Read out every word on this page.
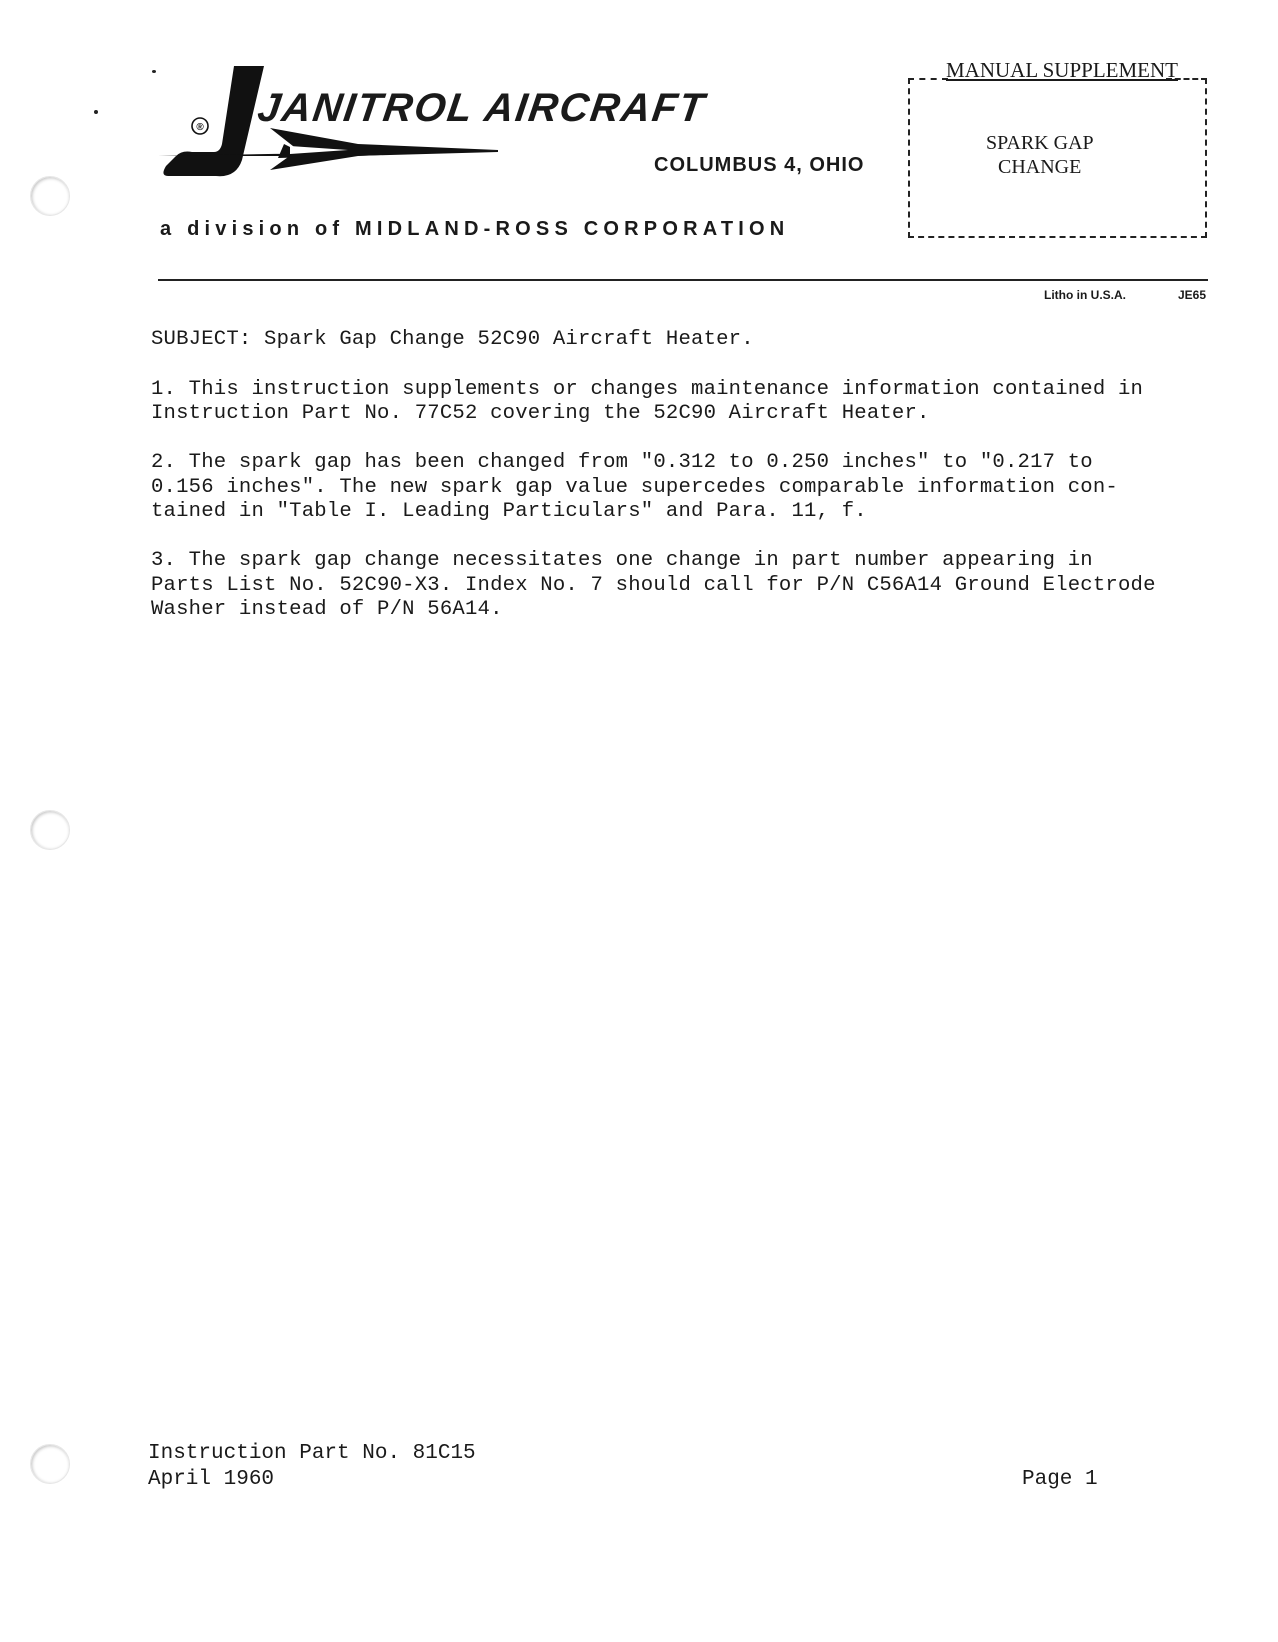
® JANITROL AIRCRAFT
COLUMBUS 4, OHIO
a division of MIDLAND-ROSS CORPORATION
MANUAL SUPPLEMENT
SPARK GAP
CHANGE
Litho in U.S.A.	JE65
SUBJECT: Spark Gap Change 52C90 Aircraft Heater.
1. This instruction supplements or changes maintenance information contained in
Instruction Part No. 77C52 covering the 52C90 Aircraft Heater.
2. The spark gap has been changed from "0.312 to 0.250 inches" to "0.217 to
0.156 inches". The new spark gap value supercedes comparable information con-
tained in "Table I. Leading Particulars" and Para. 11, f.
3. The spark gap change necessitates one change in part number appearing in
Parts List No. 52C90-X3. Index No. 7 should call for P/N C56A14 Ground Electrode
Washer instead of P/N 56A14.
Instruction Part No. 81C15
April 1960	Page 1
